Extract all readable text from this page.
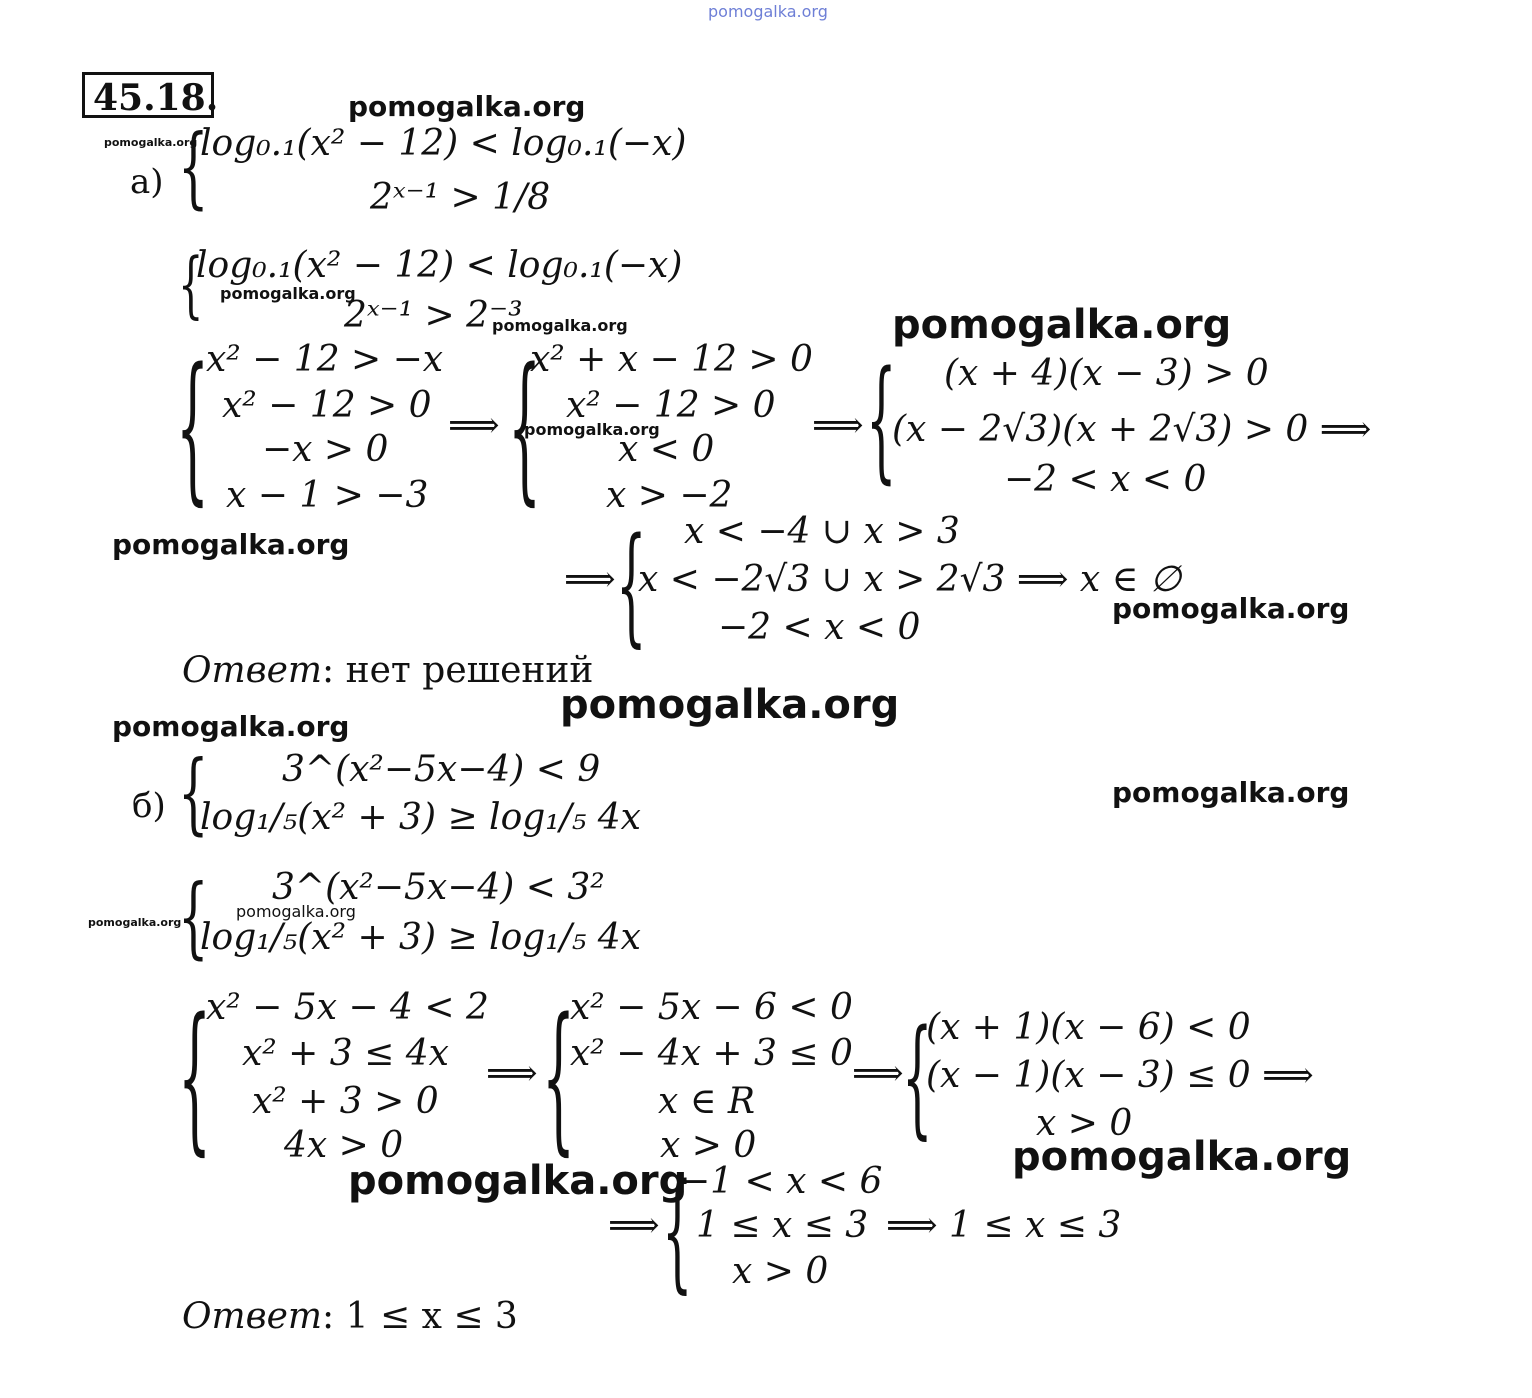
pomogalka.org
45.18.	pomogalka.org
pomogalka.org
pomogalka.org
pomogalka.org	pomogalka.org
pomogalka.org
pomogalka.org
pomogalka.org
pomogalka.org
pomogalka.org
pomogalka.org
pomogalka.org
pomogalka.org
pomogalka.org
pomogalka.org
а) {
log₀.₁(x² − 12) < log₀.₁(−x)
2ˣ⁻¹ > 1/8
{
log₀.₁(x² − 12) < log₀.₁(−x)
2ˣ⁻¹ > 2⁻³
{
x² − 12 > −x
x² − 12 > 0
−x > 0
x − 1 > −3
⟹ {
x² + x − 12 > 0
x² − 12 > 0
x < 0
x > −2
⟹ { (x + 4)(x − 3) > 0
(x − 2√3)(x + 2√3) > 0 ⟹
−2 < x < 0
⟹ { x < −4 ∪ x > 3
x < −2√3 ∪ x > 2√3 ⟹ x ∈ ∅
−2 < x < 0
Ответ: нет решений
б) { 3^(x²−5x−4) < 9
log₁/₅(x² + 3) ≥ log₁/₅ 4x
{ 3^(x²−5x−4) < 3²
log₁/₅(x² + 3) ≥ log₁/₅ 4x
{
x² − 5x − 4 < 2
x² + 3 ≤ 4x
x² + 3 > 0
4x > 0
⟹ {
x² − 5x − 6 < 0
x² − 4x + 3 ≤ 0
x ∈ R
x > 0
⟹
{
(x + 1)(x − 6) < 0
(x − 1)(x − 3) ≤ 0 ⟹
x > 0
⟹ {
−1 < x < 6
1 ≤ x ≤ 3
x > 0
⟹ 1 ≤ x ≤ 3
Ответ: 1 ≤ x ≤ 3
